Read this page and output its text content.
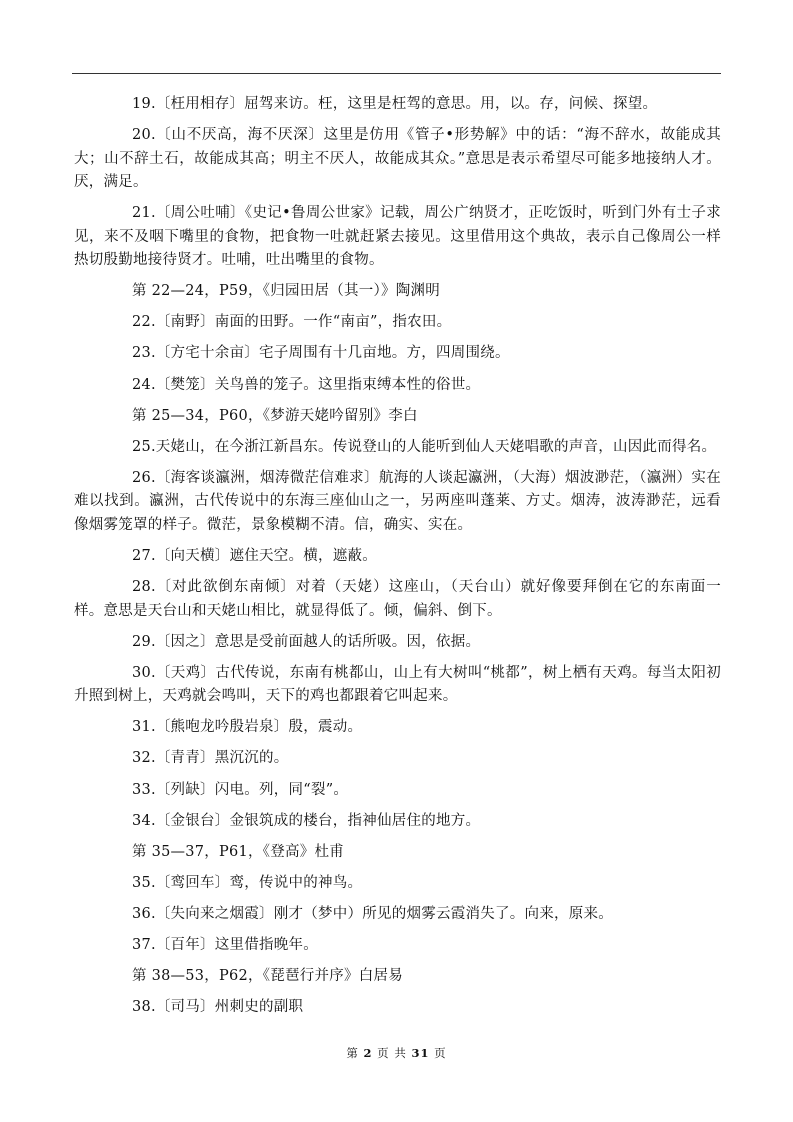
19.〔枉用相存〕屈驾来访。枉，这里是枉驾的意思。用，以。存，问候、探望。

20.〔山不厌高，海不厌深〕这里是仿用《管子•形势解》中的话：“海不辞水，故能成其大；山不辞土石，故能成其高；明主不厌人，故能成其众。”意思是表示希望尽可能多地接纳人才。厌，满足。

21.〔周公吐哺〕《史记•鲁周公世家》记载，周公广纳贤才，正吃饭时，听到门外有士子求见，来不及咽下嘴里的食物，把食物一吐就赶紧去接见。这里借用这个典故，表示自己像周公一样热切殷勤地接待贤才。吐哺，吐出嘴里的食物。

第 22—24，P59，《归园田居（其一）》陶渊明

22.〔南野〕南面的田野。一作“南亩”，指农田。

23.〔方宅十余亩〕宅子周围有十几亩地。方，四周围绕。

24.〔樊笼〕关鸟兽的笼子。这里指束缚本性的俗世。

第 25—34，P60，《梦游天姥吟留别》李白

25.天姥山，在今浙江新昌东。传说登山的人能听到仙人天姥唱歌的声音，山因此而得名。

26.〔海客谈瀛洲，烟涛微茫信难求〕航海的人谈起瀛洲，（大海）烟波渺茫，（瀛洲）实在难以找到。瀛洲，古代传说中的东海三座仙山之一，另两座叫蓬莱、方丈。烟涛，波涛渺茫，远看像烟雾笼罩的样子。微茫，景象模糊不清。信，确实、实在。

27.〔向天横〕遮住天空。横，遮蔽。

28.〔对此欲倒东南倾〕对着（天姥）这座山，（天台山）就好像要拜倒在它的东南面一样。意思是天台山和天姥山相比，就显得低了。倾，偏斜、倒下。

29.〔因之〕意思是受前面越人的话所吸。因，依据。

30.〔天鸡〕古代传说，东南有桃都山，山上有大树叫“桃都”，树上栖有天鸡。每当太阳初升照到树上，天鸡就会鸣叫，天下的鸡也都跟着它叫起来。

31.〔熊咆龙吟殷岩泉〕殷，震动。

32.〔青青〕黑沉沉的。

33.〔列缺〕闪电。列，同“裂”。

34.〔金银台〕金银筑成的楼台，指神仙居住的地方。

第 35—37，P61，《登高》杜甫

35.〔鸾回车〕鸾，传说中的神鸟。

36.〔失向来之烟霞〕刚才（梦中）所见的烟雾云霞消失了。向来，原来。

37.〔百年〕这里借指晚年。

第 38—53，P62，《琵琶行并序》白居易

38.〔司马〕州刺史的副职

第 2 页 共 31 页
